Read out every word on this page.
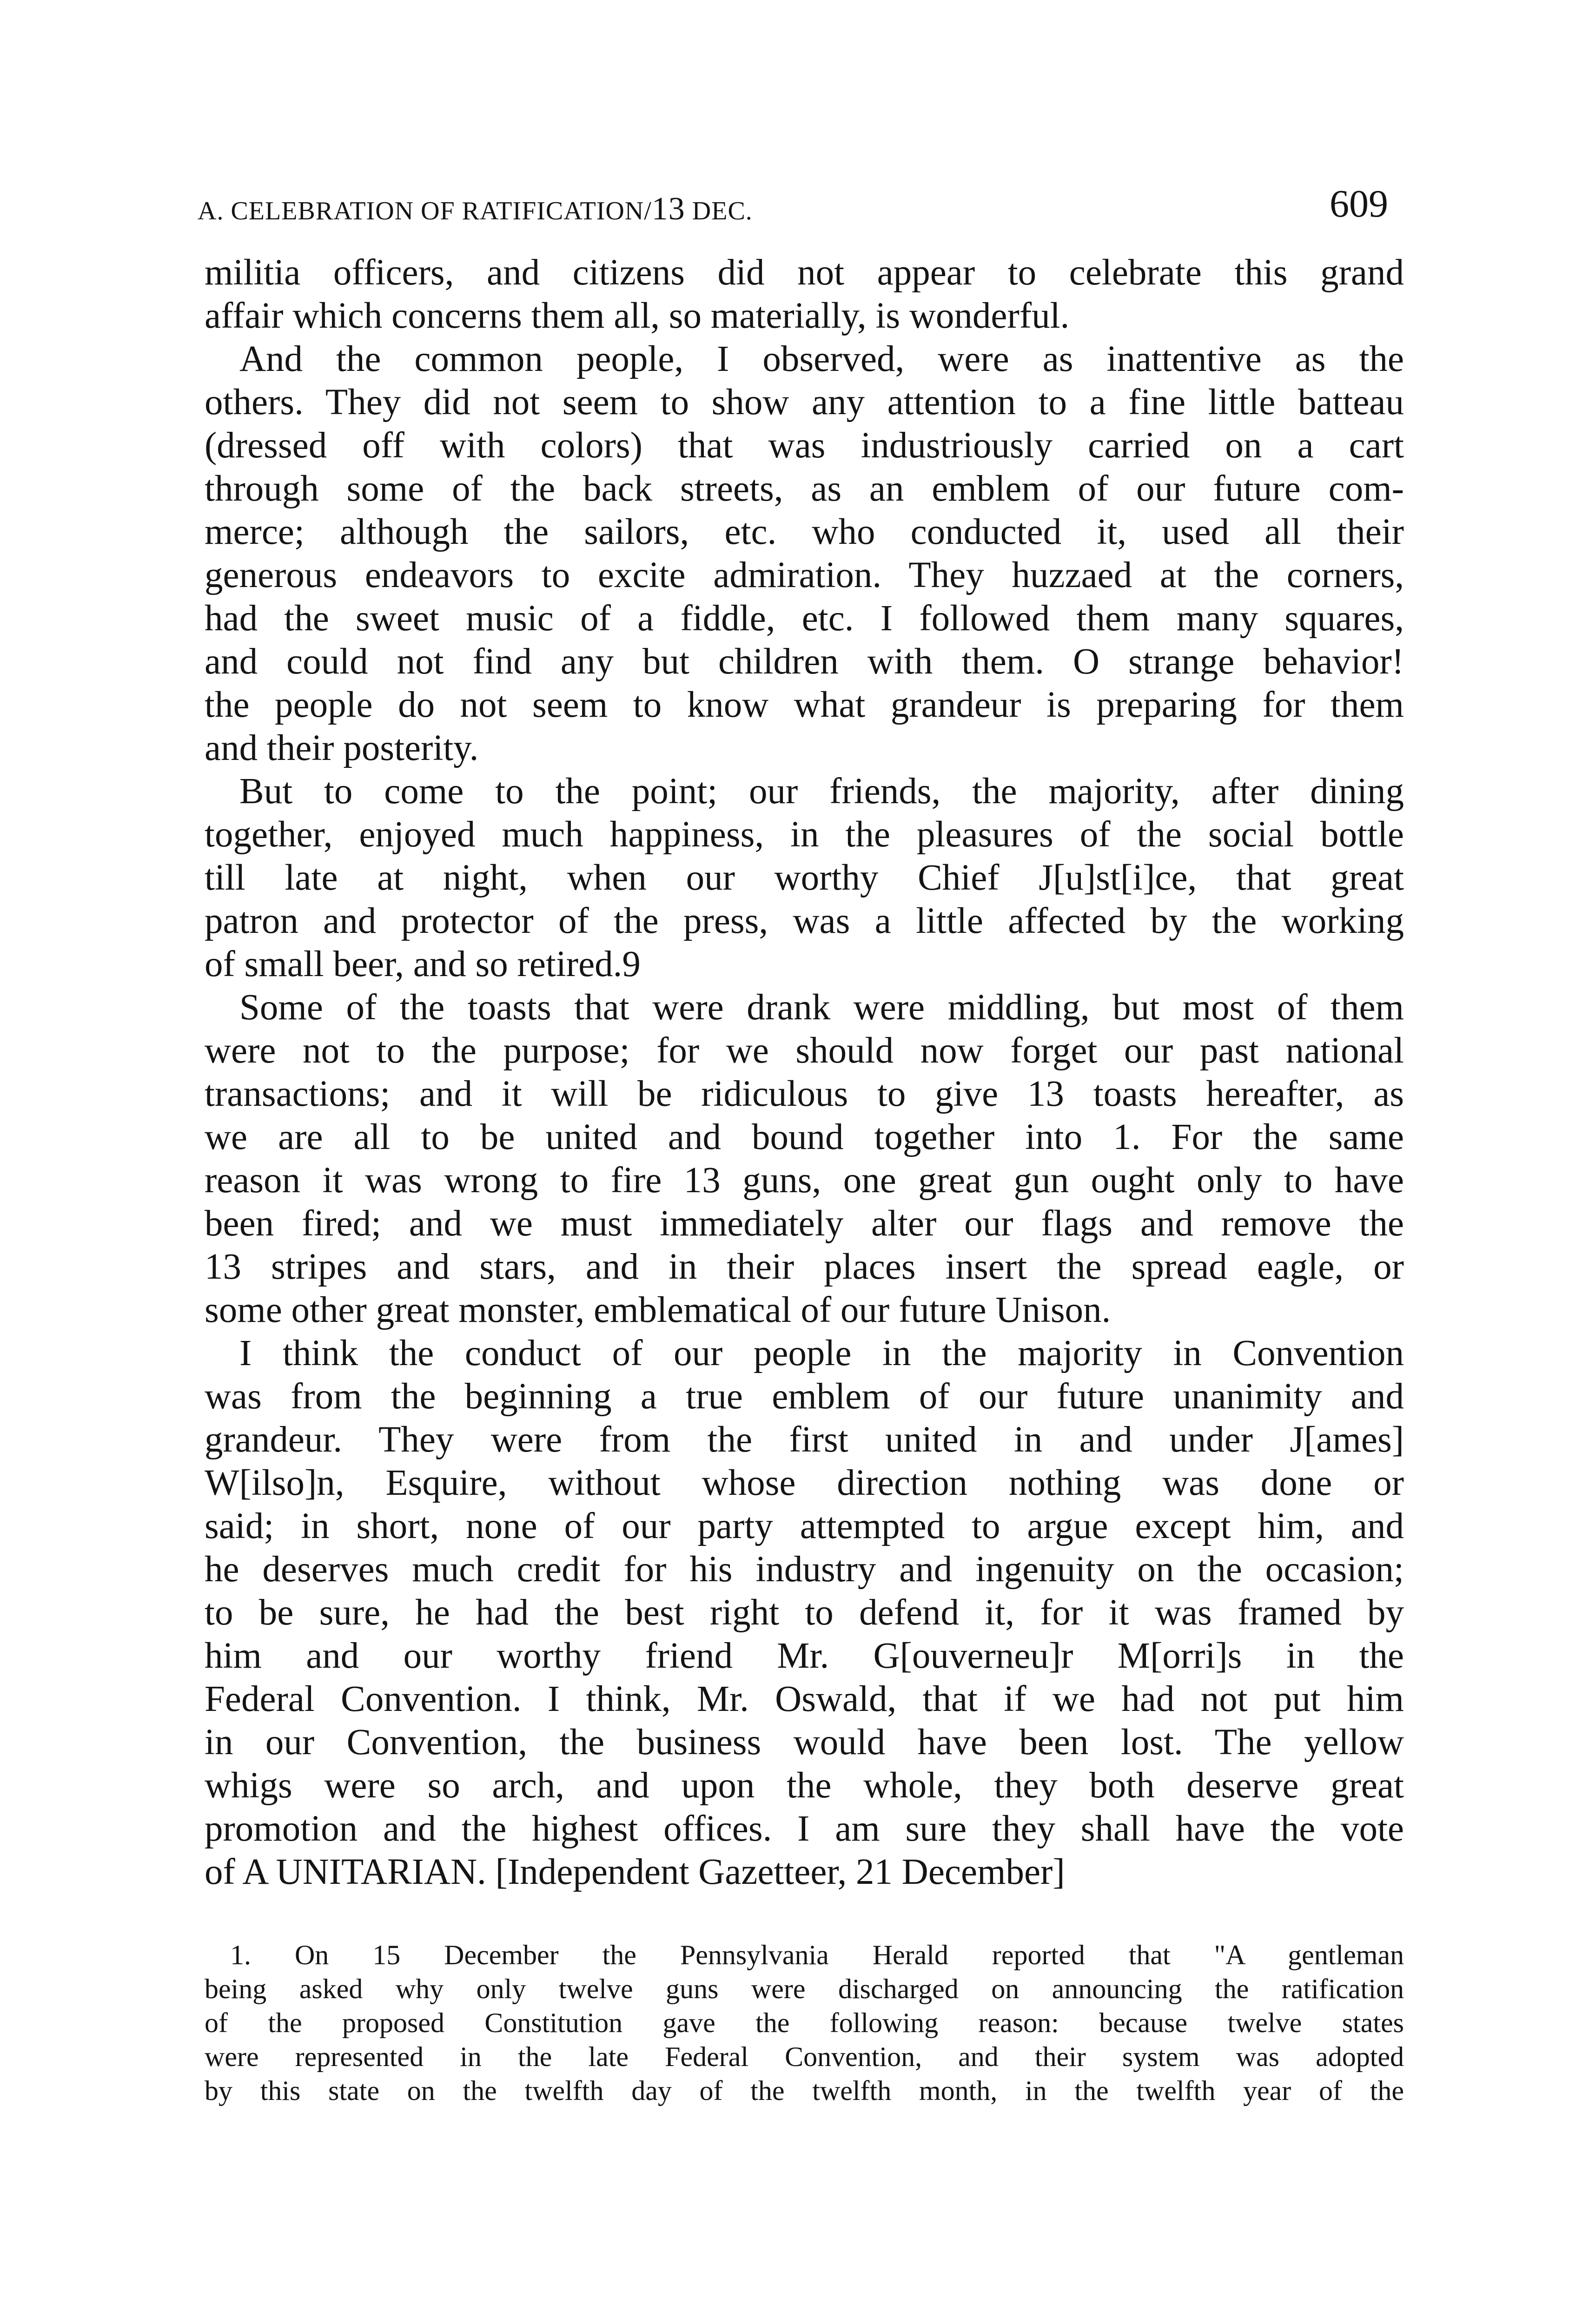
A. CELEBRATION OF RATIFICATION/13 DEC.	609
militia officers, and citizens did not appear to celebrate this grand
affair which concerns them all, so materially, is wonderful.
And the common people, I observed, were as inattentive as the
others. They did not seem to show any attention to a fine little batteau
(dressed off with colors) that was industriously carried on a cart
through some of the back streets, as an emblem of our future com-
merce; although the sailors, etc. who conducted it, used all their
generous endeavors to excite admiration. They huzzaed at the corners,
had the sweet music of a fiddle, etc. I followed them many squares,
and could not find any but children with them. O strange behavior!
the people do not seem to know what grandeur is preparing for them
and their posterity.
But to come to the point; our friends, the majority, after dining
together, enjoyed much happiness, in the pleasures of the social bottle
till late at night, when our worthy Chief J[u]st[i]ce, that great
patron and protector of the press, was a little affected by the working
of small beer, and so retired.9
Some of the toasts that were drank were middling, but most of them
were not to the purpose; for we should now forget our past national
transactions; and it will be ridiculous to give 13 toasts hereafter, as
we are all to be united and bound together into 1. For the same
reason it was wrong to fire 13 guns, one great gun ought only to have
been fired; and we must immediately alter our flags and remove the
13 stripes and stars, and in their places insert the spread eagle, or
some other great monster, emblematical of our future Unison.
I think the conduct of our people in the majority in Convention
was from the beginning a true emblem of our future unanimity and
grandeur. They were from the first united in and under J[ames]
W[ilso]n, Esquire, without whose direction nothing was done or
said; in short, none of our party attempted to argue except him, and
he deserves much credit for his industry and ingenuity on the occasion;
to be sure, he had the best right to defend it, for it was framed by
him and our worthy friend Mr. G[ouverneu]r M[orri]s in the
Federal Convention. I think, Mr. Oswald, that if we had not put him
in our Convention, the business would have been lost. The yellow
whigs were so arch, and upon the whole, they both deserve great
promotion and the highest offices. I am sure they shall have the vote
of A UNITARIAN. [Independent Gazetteer, 21 December]
1. On 15 December the Pennsylvania Herald reported that "A gentleman
being asked why only twelve guns were discharged on announcing the ratification
of the proposed Constitution gave the following reason: because twelve states
were represented in the late Federal Convention, and their system was adopted
by this state on the twelfth day of the twelfth month, in the twelfth year of the
